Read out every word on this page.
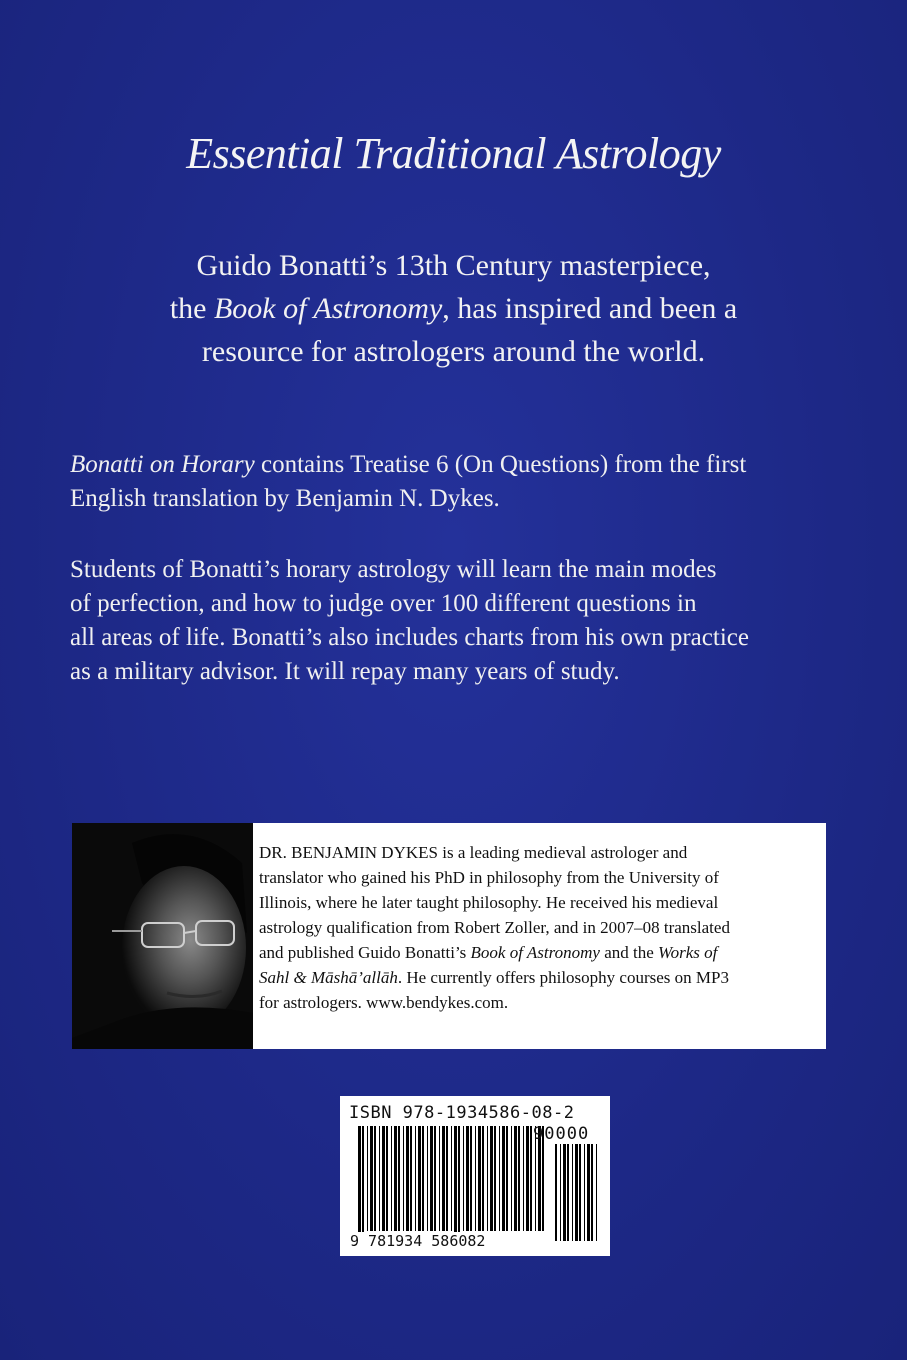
Essential Traditional Astrology
Guido Bonatti’s 13th Century masterpiece,
the Book of Astronomy, has inspired and been a
resource for astrologers around the world.
Bonatti on Horary contains Treatise 6 (On Questions) from the first
English translation by Benjamin N. Dykes.
Students of Bonatti’s horary astrology will learn the main modes
of perfection, and how to judge over 100 different questions in
all areas of life. Bonatti’s also includes charts from his own practice
as a military advisor. It will repay many years of study.
DR. BENJAMIN DYKES is a leading medieval astrologer and
translator who gained his PhD in philosophy from the University of
Illinois, where he later taught philosophy. He received his medieval
astrology qualification from Robert Zoller, and in 2007–08 translated
and published Guido Bonatti’s Book of Astronomy and the Works of
Sahl & Māshā’allāh. He currently offers philosophy courses on MP3
for astrologers. www.bendykes.com.
ISBN 978-1934586-08-2
90000
9 781934 586082
